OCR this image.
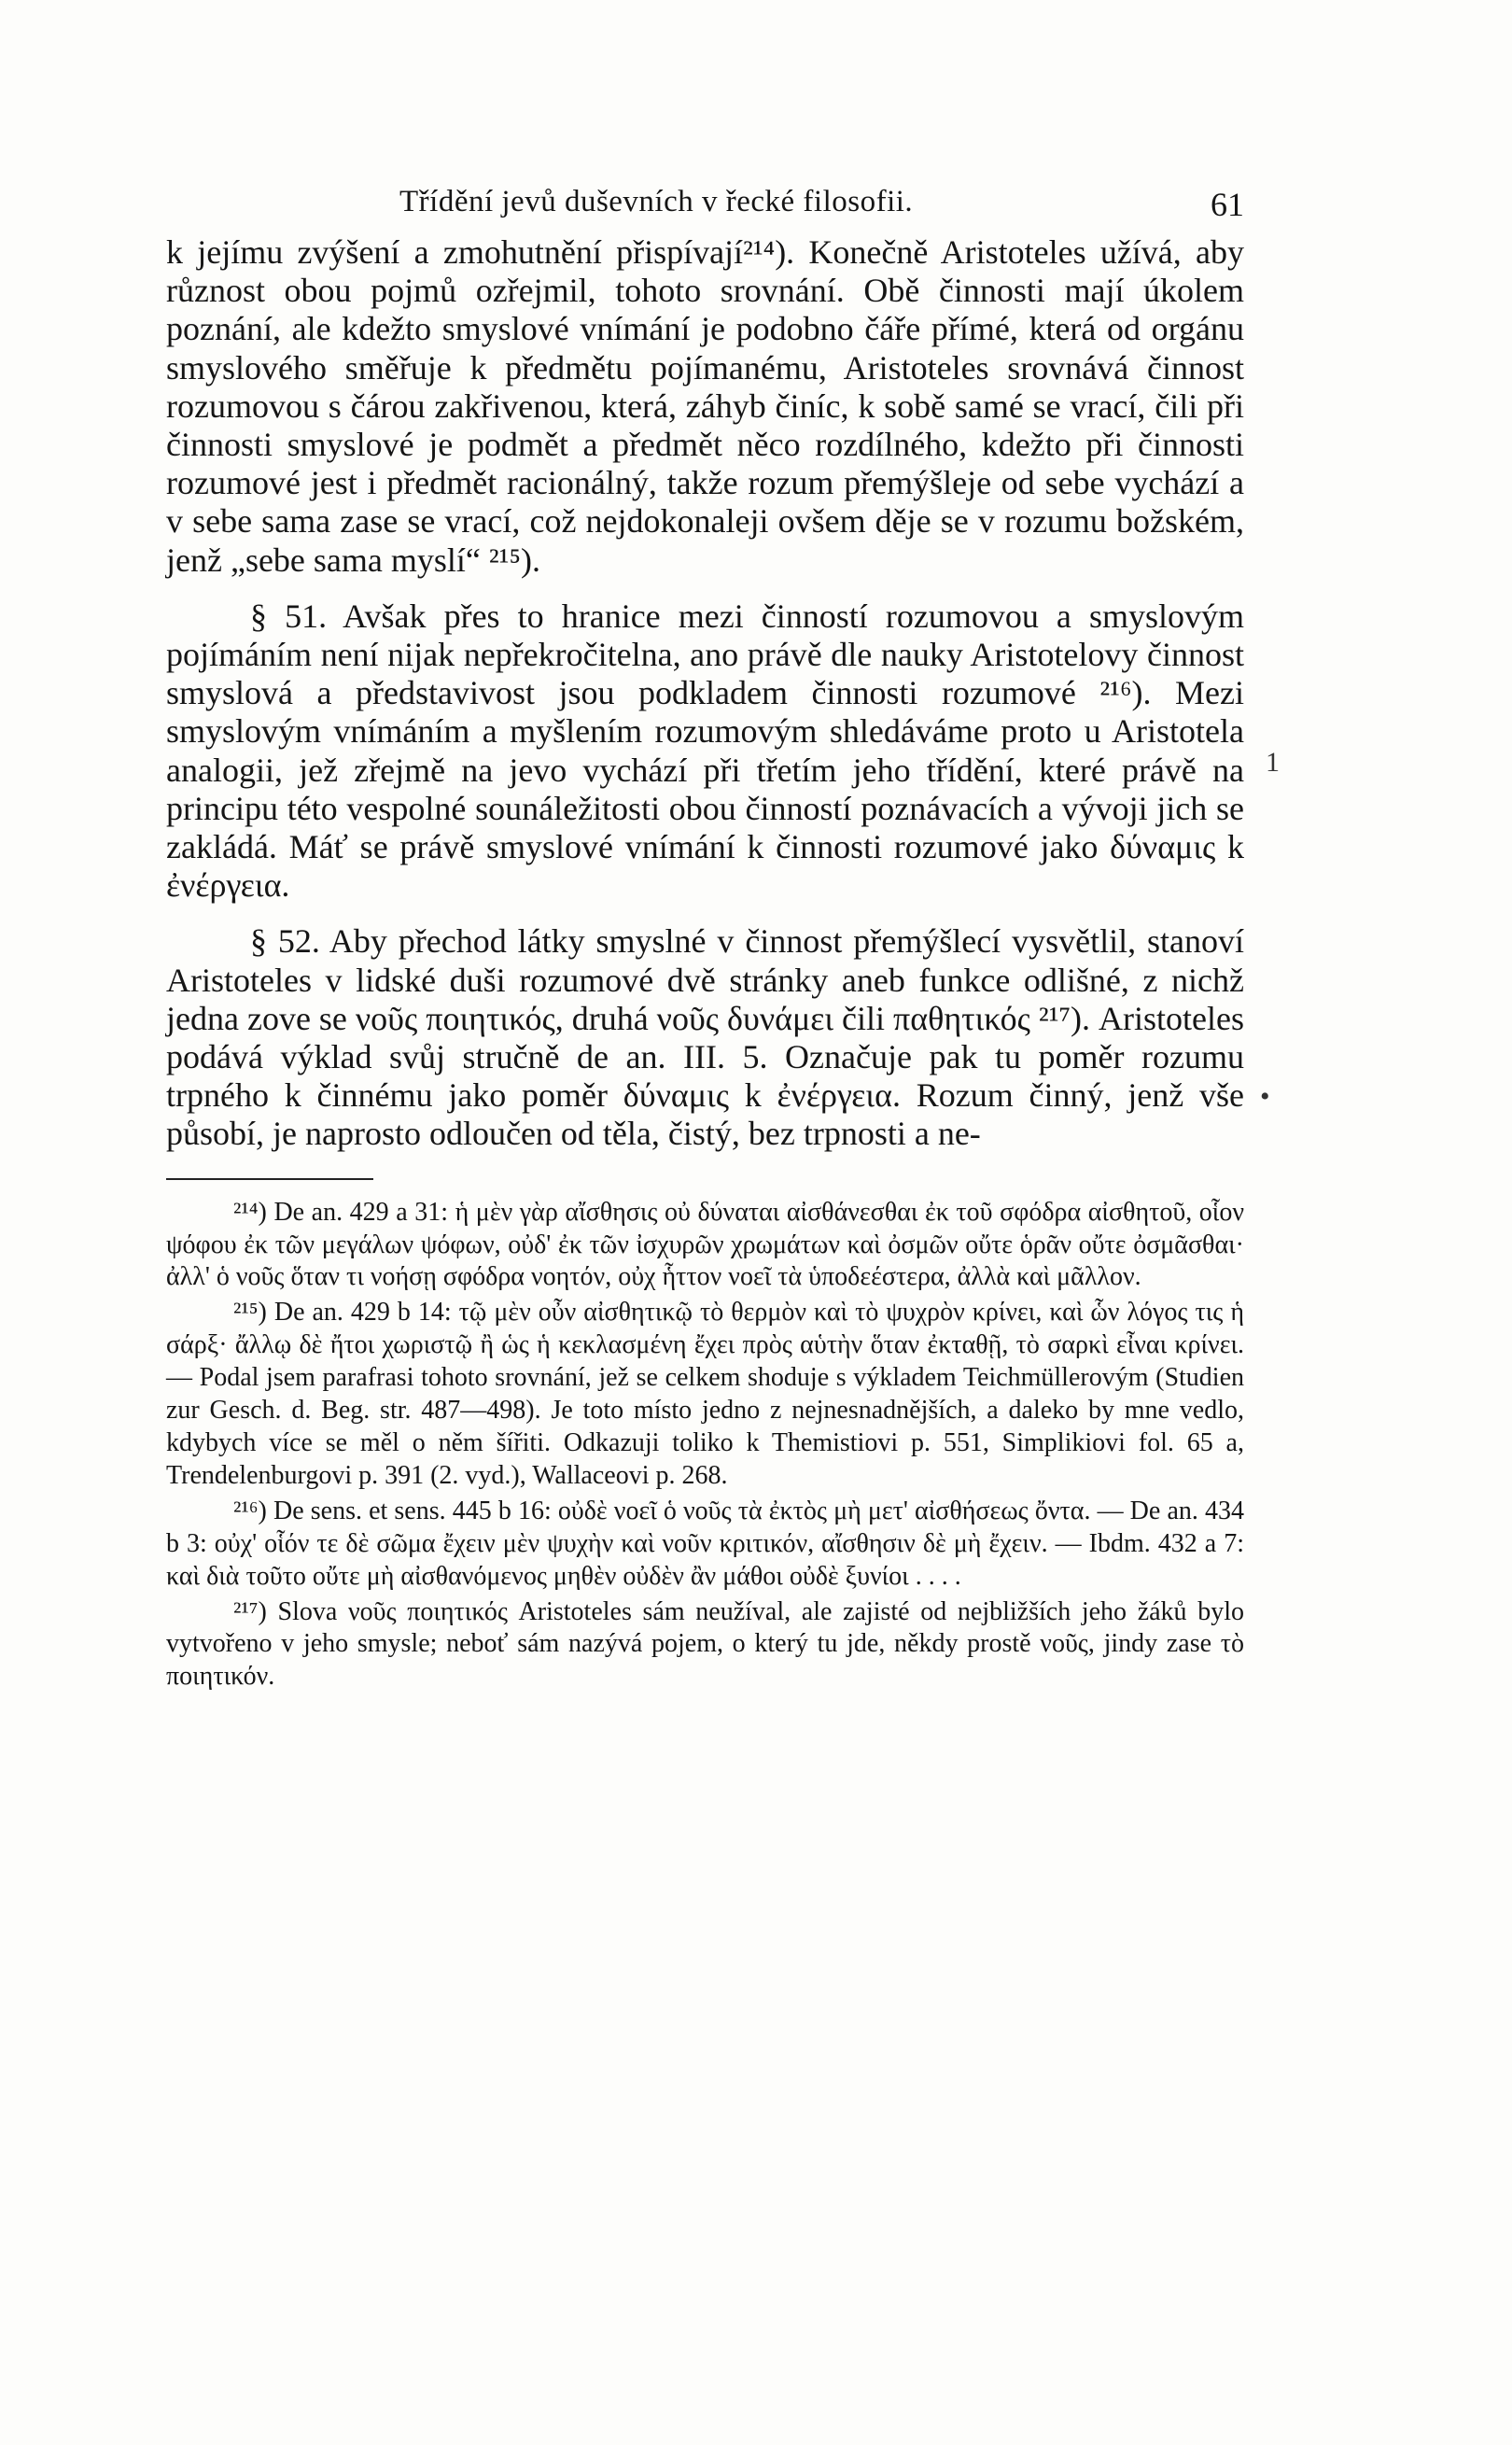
Třídění jevů duševních v řecké filosofii.	61

k jejímu zvýšení a zmohutnění přispívají²¹⁴). Konečně Aristoteles užívá, aby různost obou pojmů ozřejmil, tohoto srovnání. Obě činnosti mají úkolem poznání, ale kdežto smyslové vnímání je podobno čáře přímé, která od orgánu smyslového směřuje k předmětu pojímanému, Aristoteles srovnává činnost rozumovou s čárou zakřivenou, která, záhyb činíc, k sobě samé se vrací, čili při činnosti smyslové je podmět a předmět něco rozdílného, kdežto při činnosti rozumové jest i předmět racionálný, takže rozum přemýšleje od sebe vychází a v sebe sama zase se vrací, což nejdokonaleji ovšem děje se v rozumu božském, jenž „sebe sama myslí“ ²¹⁵).

§ 51. Avšak přes to hranice mezi činností rozumovou a smyslovým pojímáním není nijak nepřekročitelna, ano právě dle nauky Aristotelovy činnost smyslová a představivost jsou podkladem činnosti rozumové ²¹⁶). Mezi smyslovým vnímáním a myšlením rozumovým shledáváme proto u Aristotela analogii, jež zřejmě na jevo vychází při třetím jeho třídění, které právě na principu této vespolné sounáležitosti obou činností poznávacích a vývoji jich se zakládá. Máť se právě smyslové vnímání k činnosti rozumové jako δύναμις k ἐνέργεια.

§ 52. Aby přechod látky smyslné v činnost přemýšlecí vysvětlil, stanoví Aristoteles v lidské duši rozumové dvě stránky aneb funkce odlišné, z nichž jedna zove se νοῦς ποιητικός, druhá νοῦς δυνάμει čili παθητικός ²¹⁷). Aristoteles podává výklad svůj stručně de an. III. 5. Označuje pak tu poměr rozumu trpného k činnému jako poměr δύναμις k ἐνέργεια. Rozum činný, jenž vše působí, je naprosto odloučen od těla, čistý, bez trpnosti a ne-

²¹⁴) De an. 429 a 31: ἡ μὲν γὰρ αἴσθησις οὐ δύναται αἰσθάνεσθαι ἐκ τοῦ σφόδρα αἰσθητοῦ, οἷον ψόφου ἐκ τῶν μεγάλων ψόφων, οὐδ' ἐκ τῶν ἰσχυρῶν χρωμάτων καὶ ὀσμῶν οὔτε ὁρᾶν οὔτε ὀσμᾶσθαι· ἀλλ' ὁ νοῦς ὅταν τι νοήσῃ σφόδρα νοητόν, οὐχ ἧττον νοεῖ τὰ ὑποδεέστερα, ἀλλὰ καὶ μᾶλλον.

²¹⁵) De an. 429 b 14: τῷ μὲν οὖν αἰσθητικῷ τὸ θερμὸν καὶ τὸ ψυχρὸν κρίνει, καὶ ὧν λόγος τις ἡ σάρξ· ἄλλῳ δὲ ἤτοι χωριστῷ ἢ ὡς ἡ κεκλασμένη ἔχει πρὸς αὑτὴν ὅταν ἐκταθῇ, τὸ σαρκὶ εἶναι κρίνει. — Podal jsem parafrasi tohoto srovnání, jež se celkem shoduje s výkladem Teichmüllerovým (Studien zur Gesch. d. Beg. str. 487—498). Je toto místo jedno z nejnesnadnějších, a daleko by mne vedlo, kdybych více se měl o něm šířiti. Odkazuji toliko k Themistiovi p. 551, Simplikiovi fol. 65 a, Trendelenburgovi p. 391 (2. vyd.), Wallaceovi p. 268.

²¹⁶) De sens. et sens. 445 b 16: οὐδὲ νοεῖ ὁ νοῦς τὰ ἐκτὸς μὴ μετ' αἰσθήσεως ὄντα. — De an. 434 b 3: οὐχ' οἷόν τε δὲ σῶμα ἔχειν μὲν ψυχὴν καὶ νοῦν κριτικόν, αἴσθησιν δὲ μὴ ἔχειν. — Ibdm. 432 a 7: καὶ διὰ τοῦτο οὔτε μὴ αἰσθανόμενος μηθὲν οὐδὲν ἂν μάθοι οὐδὲ ξυνίοι . . . .

²¹⁷) Slova νοῦς ποιητικός Aristoteles sám neužíval, ale zajisté od nejbližších jeho žáků bylo vytvořeno v jeho smysle; neboť sám nazývá pojem, o který tu jde, někdy prostě νοῦς, jindy zase τὸ ποιητικόν.

1
•
